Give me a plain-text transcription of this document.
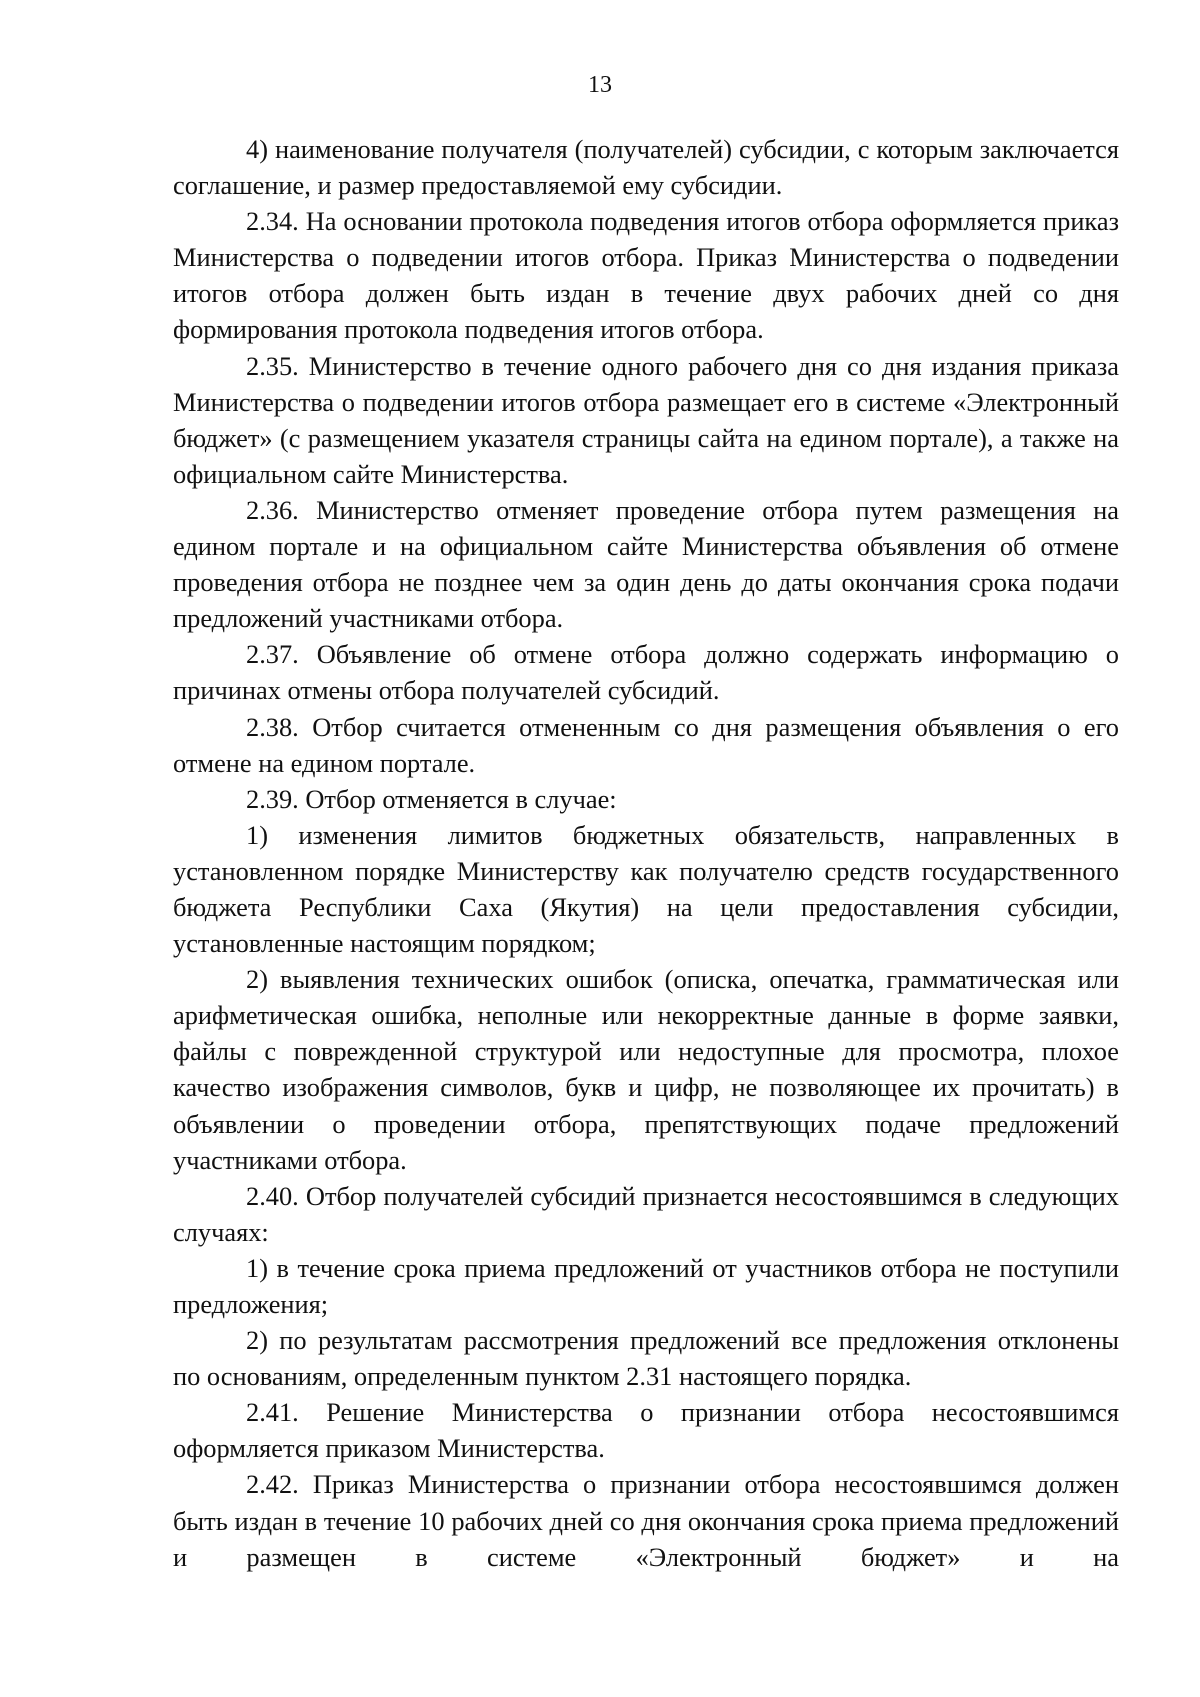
13

4) наименование получателя (получателей) субсидии, с которым заключается соглашение, и размер предоставляемой ему субсидии.

2.34. На основании протокола подведения итогов отбора оформляется приказ Министерства о подведении итогов отбора. Приказ Министерства о подведении итогов отбора должен быть издан в течение двух рабочих дней со дня формирования протокола подведения итогов отбора.

2.35. Министерство в течение одного рабочего дня со дня издания приказа Министерства о подведении итогов отбора размещает его в системе «Электронный бюджет» (с размещением указателя страницы сайта на едином портале), а также на официальном сайте Министерства.

2.36. Министерство отменяет проведение отбора путем размещения на едином портале и на официальном сайте Министерства объявления об отмене проведения отбора не позднее чем за один день до даты окончания срока подачи предложений участниками отбора.

2.37. Объявление об отмене отбора должно содержать информацию о причинах отмены отбора получателей субсидий.

2.38. Отбор считается отмененным со дня размещения объявления о его отмене на едином портале.

2.39. Отбор отменяется в случае:

1) изменения лимитов бюджетных обязательств, направленных в установленном порядке Министерству как получателю средств государственного бюджета Республики Саха (Якутия) на цели предоставления субсидии, установленные настоящим порядком;

2) выявления технических ошибок (описка, опечатка, грамматическая или арифметическая ошибка, неполные или некорректные данные в форме заявки, файлы с поврежденной структурой или недоступные для просмотра, плохое качество изображения символов, букв и цифр, не позволяющее их прочитать) в объявлении о проведении отбора, препятствующих подаче предложений участниками отбора.

2.40. Отбор получателей субсидий признается несостоявшимся в следующих случаях:

1) в течение срока приема предложений от участников отбора не поступили предложения;

2) по результатам рассмотрения предложений все предложения отклонены по основаниям, определенным пунктом 2.31 настоящего порядка.

2.41. Решение Министерства о признании отбора несостоявшимся оформляется приказом Министерства.

2.42. Приказ Министерства о признании отбора несостоявшимся должен быть издан в течение 10 рабочих дней со дня окончания срока приема предложений и размещен в системе «Электронный бюджет» и на
